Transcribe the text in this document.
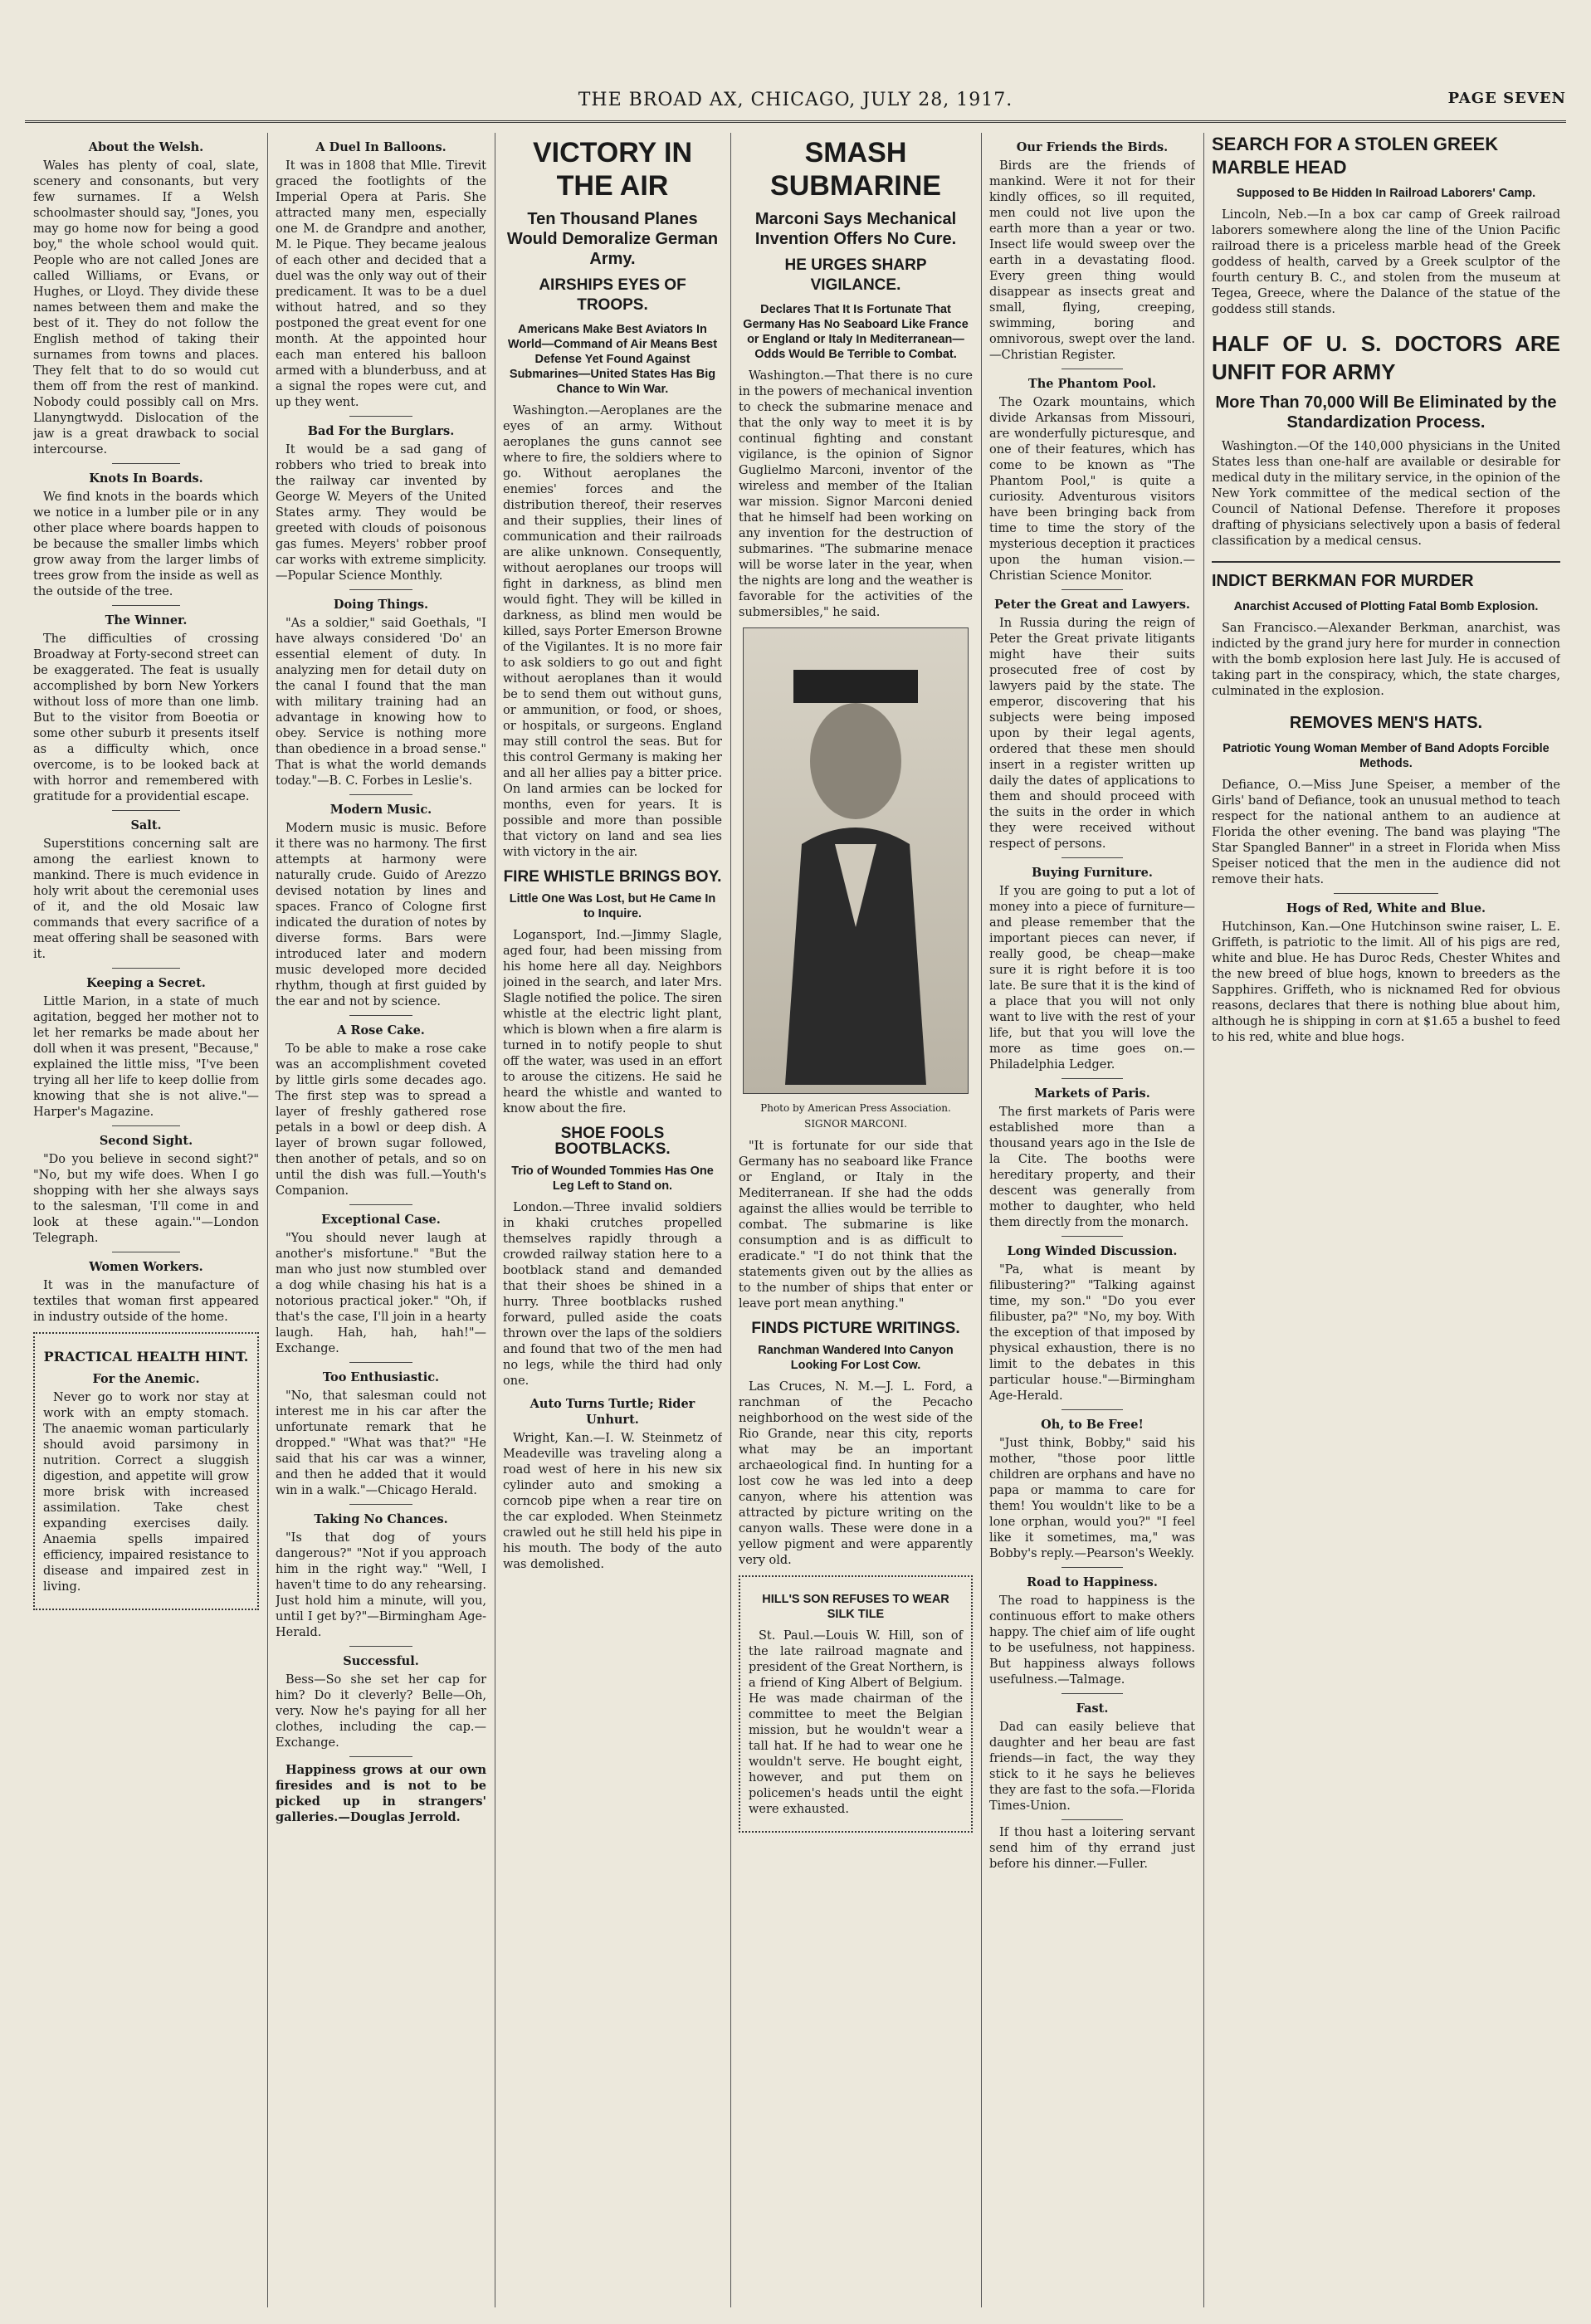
THE BROAD AX, CHICAGO, JULY 28, 1917.	PAGE SEVEN
About the Welsh.

Wales has plenty of coal, slate, scenery and consonants, but very few surnames. If a Welsh schoolmaster should say, "Jones, you may go home now for being a good boy," the whole school would quit. People who are not called Jones are called Williams, or Evans, or Hughes, or Lloyd. They divide these names between them and make the best of it. They do not follow the English method of taking their surnames from towns and places. They felt that to do so would cut them off from the rest of mankind. Nobody could possibly call on Mrs. Llanyngtwydd. Dislocation of the jaw is a great drawback to social intercourse.

Knots In Boards.

We find knots in the boards which we notice in a lumber pile or in any other place where boards happen to be because the smaller limbs which grow away from the larger limbs of trees grow from the inside as well as the outside of the tree.

The Winner.

The difficulties of crossing Broadway at Forty-second street can be exaggerated. The feat is usually accomplished by born New Yorkers without loss of more than one limb. But to the visitor from Boeotia or some other suburb it presents itself as a difficulty which, once overcome, is to be looked back at with horror and remembered with gratitude for a providential escape.

Salt.

Superstitions concerning salt are among the earliest known to mankind. There is much evidence in holy writ about the ceremonial uses of it, and the old Mosaic law commands that every sacrifice of a meat offering shall be seasoned with it.

Keeping a Secret.

Little Marion, in a state of much agitation, begged her mother not to let her remarks be made about her doll when it was present, "Because," explained the little miss, "I've been trying all her life to keep dollie from knowing that she is not alive."—Harper's Magazine.

Second Sight.

"Do you believe in second sight?" "No, but my wife does. When I go shopping with her she always says to the salesman, 'I'll come in and look at these again.'"—London Telegraph.

Women Workers.

It was in the manufacture of textiles that woman first appeared in industry outside of the home.

PRACTICAL HEALTH HINT.
For the Anemic.

Never go to work nor stay at work with an empty stomach. The anaemic woman particularly should avoid parsimony in nutrition. Correct a sluggish digestion, and appetite will grow more brisk with increased assimilation. Take chest expanding exercises daily. Anaemia spells impaired efficiency, impaired resistance to disease and impaired zest in living.

A Duel In Balloons.

It was in 1808 that Mlle. Tirevit graced the footlights of the Imperial Opera at Paris. She attracted many men, especially one M. de Grandpre and another, M. le Pique. They became jealous of each other and decided that a duel was the only way out of their predicament. It was to be a duel without hatred, and so they postponed the great event for one month. At the appointed hour each man entered his balloon armed with a blunderbuss, and at a signal the ropes were cut, and up they went.

Bad For the Burglars.

It would be a sad gang of robbers who tried to break into the railway car invented by George W. Meyers of the United States army. They would be greeted with clouds of poisonous gas fumes. Meyers' robber proof car works with extreme simplicity.—Popular Science Monthly.

Doing Things.

"As a soldier," said Goethals, "I have always considered 'Do' an essential element of duty. In analyzing men for detail duty on the canal I found that the man with military training had an advantage in knowing how to obey. Service is nothing more than obedience in a broad sense." That is what the world demands today."—B. C. Forbes in Leslie's.

Modern Music.

Modern music is music. Before it there was no harmony. The first attempts at harmony were naturally crude. Guido of Arezzo devised notation by lines and spaces. Franco of Cologne first indicated the duration of notes by diverse forms. Bars were introduced later and modern music developed more decided rhythm, though at first guided by the ear and not by science.

A Rose Cake.

To be able to make a rose cake was an accomplishment coveted by little girls some decades ago. The first step was to spread a layer of freshly gathered rose petals in a bowl or deep dish. A layer of brown sugar followed, then another of petals, and so on until the dish was full.—Youth's Companion.

Exceptional Case.

"You should never laugh at another's misfortune." "But the man who just now stumbled over a dog while chasing his hat is a notorious practical joker." "Oh, if that's the case, I'll join in a hearty laugh. Hah, hah, hah!"—Exchange.

Too Enthusiastic.

"No, that salesman could not interest me in his car after the unfortunate remark that he dropped." "What was that?" "He said that his car was a winner, and then he added that it would win in a walk."—Chicago Herald.

Taking No Chances.

"Is that dog of yours dangerous?" "Not if you approach him in the right way." "Well, I haven't time to do any rehearsing. Just hold him a minute, will you, until I get by?"—Birmingham Age-Herald.

Successful.

Bess—So she set her cap for him? Do it cleverly? Belle—Oh, very. Now he's paying for all her clothes, including the cap.—Exchange.

Happiness grows at our own firesides and is not to be picked up in strangers' galleries.—Douglas Jerrold.

VICTORY IN THE AIR
Ten Thousand Planes Would Demoralize German Army.
AIRSHIPS EYES OF TROOPS.
Americans Make Best Aviators In World—Command of Air Means Best Defense Yet Found Against Submarines—United States Has Big Chance to Win War.

Washington.—Aeroplanes are the eyes of an army. Without aeroplanes the guns cannot see where to fire, the soldiers where to go. Without aeroplanes the enemies' forces and the distribution thereof, their reserves and their supplies, their lines of communication and their railroads are alike unknown. Consequently, without aeroplanes our troops will fight in darkness, as blind men would fight. They will be killed in darkness, as blind men would be killed, says Porter Emerson Browne of the Vigilantes. It is no more fair to ask soldiers to go out and fight without aeroplanes than it would be to send them out without guns, or ammunition, or food, or shoes, or hospitals, or surgeons. England may still control the seas. But for this control Germany is making her and all her allies pay a bitter price. On land armies can be locked for months, even for years. It is possible and more than possible that victory on land and sea lies with victory in the air.

FIRE WHISTLE BRINGS BOY.
Little One Was Lost, but He Came In to Inquire.

Logansport, Ind.—Jimmy Slagle, aged four, had been missing from his home here all day. Neighbors joined in the search, and later Mrs. Slagle notified the police. The siren whistle at the electric light plant, which is blown when a fire alarm is turned in to notify people to shut off the water, was used in an effort to arouse the citizens. He said he heard the whistle and wanted to know about the fire.

SHOE FOOLS BOOTBLACKS.
Trio of Wounded Tommies Has One Leg Left to Stand on.

London.—Three invalid soldiers in khaki crutches propelled themselves rapidly through a crowded railway station here to a bootblack stand and demanded that their shoes be shined in a hurry. Three bootblacks rushed forward, pulled aside the coats thrown over the laps of the soldiers and found that two of the men had no legs, while the third had only one.

Auto Turns Turtle; Rider Unhurt.

Wright, Kan.—I. W. Steinmetz of Meadeville was traveling along a road west of here in his new six cylinder auto and smoking a corncob pipe when a rear tire on the car exploded. When Steinmetz crawled out he still held his pipe in his mouth. The body of the auto was demolished.

SMASH SUBMARINE
Marconi Says Mechanical Invention Offers No Cure.
HE URGES SHARP VIGILANCE.
Declares That It Is Fortunate That Germany Has No Seaboard Like France or England or Italy In Mediterranean—Odds Would Be Terrible to Combat.

Washington.—That there is no cure in the powers of mechanical invention to check the submarine menace and that the only way to meet it is by continual fighting and constant vigilance, is the opinion of Signor Guglielmo Marconi, inventor of the wireless and member of the Italian war mission. Signor Marconi denied that he himself had been working on any invention for the destruction of submarines. "The submarine menace will be worse later in the year, when the nights are long and the weather is favorable for the activities of the submersibles," he said.

Photo by American Press Association.
SIGNOR MARCONI.

"It is fortunate for our side that Germany has no seaboard like France or England, or Italy in the Mediterranean. If she had the odds against the allies would be terrible to combat. The submarine is like consumption and is as difficult to eradicate." "I do not think that the statements given out by the allies as to the number of ships that enter or leave port mean anything."

FINDS PICTURE WRITINGS.
Ranchman Wandered Into Canyon Looking For Lost Cow.

Las Cruces, N. M.—J. L. Ford, a ranchman of the Pecacho neighborhood on the west side of the Rio Grande, near this city, reports what may be an important archaeological find. In hunting for a lost cow he was led into a deep canyon, where his attention was attracted by picture writing on the canyon walls. These were done in a yellow pigment and were apparently very old.

HILL'S SON REFUSES TO WEAR SILK TILE

St. Paul.—Louis W. Hill, son of the late railroad magnate and president of the Great Northern, is a friend of King Albert of Belgium. He was made chairman of the committee to meet the Belgian mission, but he wouldn't wear a tall hat. If he had to wear one he wouldn't serve. He bought eight, however, and put them on policemen's heads until the eight were exhausted.

Our Friends the Birds.

Birds are the friends of mankind. Were it not for their kindly offices, so ill requited, men could not live upon the earth more than a year or two. Insect life would sweep over the earth in a devastating flood. Every green thing would disappear as insects great and small, flying, creeping, swimming, boring and omnivorous, swept over the land.—Christian Register.

The Phantom Pool.

The Ozark mountains, which divide Arkansas from Missouri, are wonderfully picturesque, and one of their features, which has come to be known as "The Phantom Pool," is quite a curiosity. Adventurous visitors have been bringing back from time to time the story of the mysterious deception it practices upon the human vision.—Christian Science Monitor.

Peter the Great and Lawyers.

In Russia during the reign of Peter the Great private litigants might have their suits prosecuted free of cost by lawyers paid by the state. The emperor, discovering that his subjects were being imposed upon by their legal agents, ordered that these men should insert in a register written up daily the dates of applications to them and should proceed with the suits in the order in which they were received without respect of persons.

Buying Furniture.

If you are going to put a lot of money into a piece of furniture—and please remember that the important pieces can never, if really good, be cheap—make sure it is right before it is too late. Be sure that it is the kind of a place that you will not only want to live with the rest of your life, but that you will love the more as time goes on.—Philadelphia Ledger.

Markets of Paris.

The first markets of Paris were established more than a thousand years ago in the Isle de la Cite. The booths were hereditary property, and their descent was generally from mother to daughter, who held them directly from the monarch.

Long Winded Discussion.

"Pa, what is meant by filibustering?" "Talking against time, my son." "Do you ever filibuster, pa?" "No, my boy. With the exception of that imposed by physical exhaustion, there is no limit to the debates in this particular house."—Birmingham Age-Herald.

Oh, to Be Free!

"Just think, Bobby," said his mother, "those poor little children are orphans and have no papa or mamma to care for them! You wouldn't like to be a lone orphan, would you?" "I feel like it sometimes, ma," was Bobby's reply.—Pearson's Weekly.

Road to Happiness.

The road to happiness is the continuous effort to make others happy. The chief aim of life ought to be usefulness, not happiness. But happiness always follows usefulness.—Talmage.

Fast.

Dad can easily believe that daughter and her beau are fast friends—in fact, the way they stick to it he says he believes they are fast to the sofa.—Florida Times-Union.

If thou hast a loitering servant send him of thy errand just before his dinner.—Fuller.

SEARCH FOR A STOLEN GREEK MARBLE HEAD
Supposed to Be Hidden In Railroad Laborers' Camp.

Lincoln, Neb.—In a box car camp of Greek railroad laborers somewhere along the line of the Union Pacific railroad there is a priceless marble head of the Greek goddess of health, carved by a Greek sculptor of the fourth century B. C., and stolen from the museum at Tegea, Greece, where the Dalance of the statue of the goddess still stands.

HALF OF U. S. DOCTORS ARE UNFIT FOR ARMY
More Than 70,000 Will Be Eliminated by the Standardization Process.

Washington.—Of the 140,000 physicians in the United States less than one-half are available or desirable for medical duty in the military service, in the opinion of the New York committee of the medical section of the Council of National Defense. Therefore it proposes drafting of physicians selectively upon a basis of federal classification by a medical census.

INDICT BERKMAN FOR MURDER
Anarchist Accused of Plotting Fatal Bomb Explosion.

San Francisco.—Alexander Berkman, anarchist, was indicted by the grand jury here for murder in connection with the bomb explosion here last July. He is accused of taking part in the conspiracy, which, the state charges, culminated in the explosion.

REMOVES MEN'S HATS.
Patriotic Young Woman Member of Band Adopts Forcible Methods.

Defiance, O.—Miss June Speiser, a member of the Girls' band of Defiance, took an unusual method to teach respect for the national anthem to an audience at Florida the other evening. The band was playing "The Star Spangled Banner" in a street in Florida when Miss Speiser noticed that the men in the audience did not remove their hats.

Hogs of Red, White and Blue.

Hutchinson, Kan.—One Hutchinson swine raiser, L. E. Griffeth, is patriotic to the limit. All of his pigs are red, white and blue. He has Duroc Reds, Chester Whites and the new breed of blue hogs, known to breeders as the Sapphires. Griffeth, who is nicknamed Red for obvious reasons, declares that there is nothing blue about him, although he is shipping in corn at $1.65 a bushel to feed to his red, white and blue hogs.
